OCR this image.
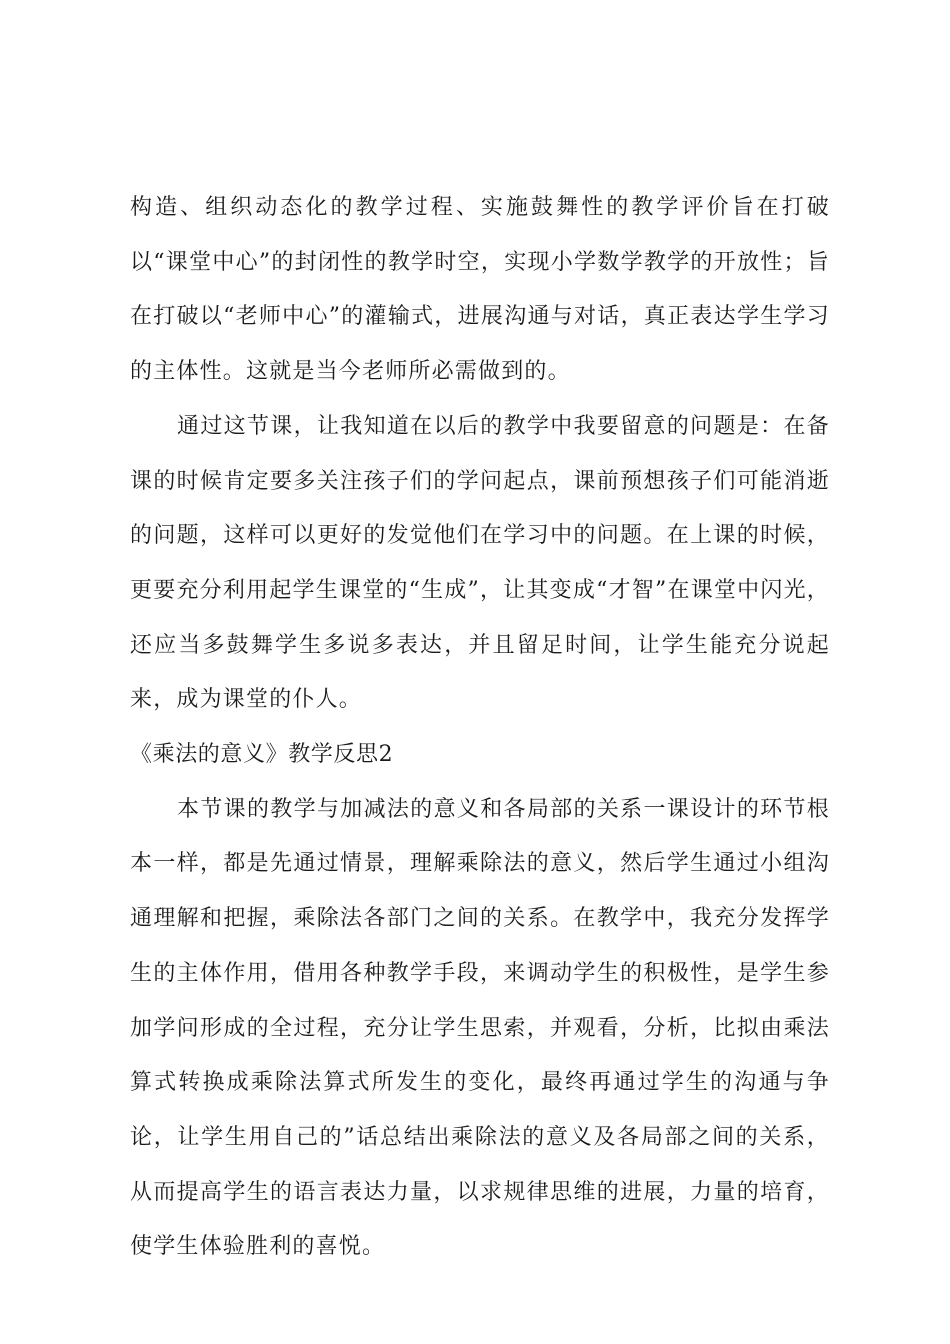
构造、组织动态化的教学过程、实施鼓舞性的教学评价旨在打破以“课堂中心”的封闭性的教学时空，实现小学数学教学的开放性；旨在打破以“老师中心”的灌输式，进展沟通与对话，真正表达学生学习的主体性。这就是当今老师所必需做到的。

通过这节课，让我知道在以后的教学中我要留意的问题是：在备课的时候肯定要多关注孩子们的学问起点，课前预想孩子们可能消逝的问题，这样可以更好的发觉他们在学习中的问题。在上课的时候，更要充分利用起学生课堂的“生成”，让其变成“才智”在课堂中闪光，还应当多鼓舞学生多说多表达，并且留足时间，让学生能充分说起来，成为课堂的仆人。

《乘法的意义》教学反思2

本节课的教学与加减法的意义和各局部的关系一课设计的环节根本一样，都是先通过情景，理解乘除法的意义，然后学生通过小组沟通理解和把握，乘除法各部门之间的关系。在教学中，我充分发挥学生的主体作用，借用各种教学手段，来调动学生的积极性，是学生参加学问形成的全过程，充分让学生思索，并观看，分析，比拟由乘法算式转换成乘除法算式所发生的变化，最终再通过学生的沟通与争论，让学生用自己的”话总结出乘除法的意义及各局部之间的关系，从而提高学生的语言表达力量，以求规律思维的进展，力量的培育，使学生体验胜利的喜悦。
